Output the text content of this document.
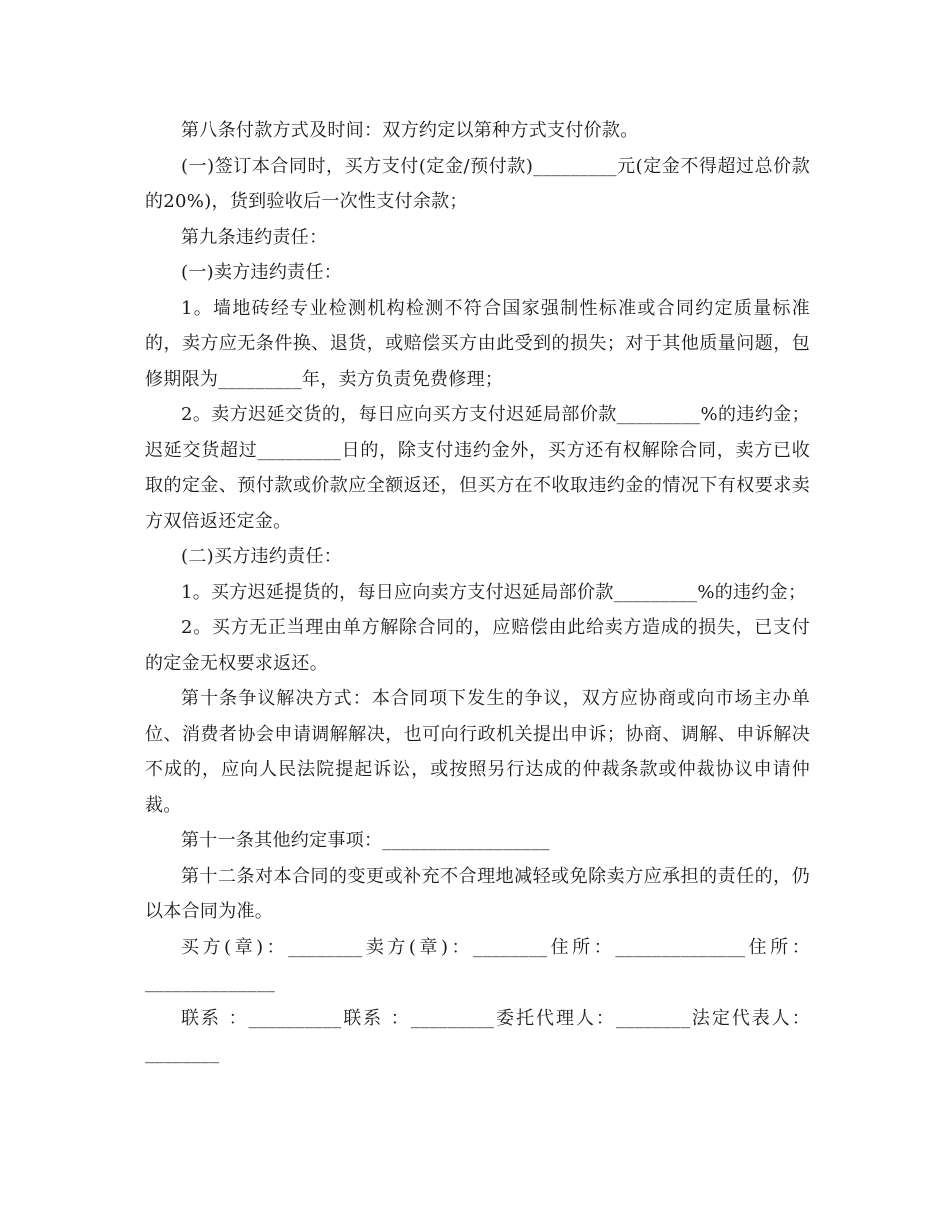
第八条付款方式及时间：双方约定以第种方式支付价款。

(一)签订本合同时，买方支付(定金/预付款)_________元(定金不得超过总价款的20%)，货到验收后一次性支付余款；

第九条违约责任：

(一)卖方违约责任：

1。墙地砖经专业检测机构检测不符合国家强制性标准或合同约定质量标准的，卖方应无条件换、退货，或赔偿买方由此受到的损失；对于其他质量问题，包修期限为_________年，卖方负责免费修理；

2。卖方迟延交货的，每日应向买方支付迟延局部价款_________%的违约金；迟延交货超过_________日的，除支付违约金外，买方还有权解除合同，卖方已收取的定金、预付款或价款应全额返还，但买方在不收取违约金的情况下有权要求卖方双倍返还定金。

(二)买方违约责任：

1。买方迟延提货的，每日应向卖方支付迟延局部价款_________%的违约金；

2。买方无正当理由单方解除合同的，应赔偿由此给卖方造成的损失，已支付的定金无权要求返还。

第十条争议解决方式：本合同项下发生的争议，双方应协商或向市场主办单位、消费者协会申请调解解决，也可向行政机关提出申诉；协商、调解、申诉解决不成的，应向人民法院提起诉讼，或按照另行达成的仲裁条款或仲裁协议申请仲裁。

第十一条其他约定事项：__________________

第十二条对本合同的变更或补充不合理地减轻或免除卖方应承担的责任的，仍以本合同为准。

买方(章)：________卖方(章)：________住所：______________住所：______________

联系 ：__________联系 ：_________委托代理人：________法定代表人：________
